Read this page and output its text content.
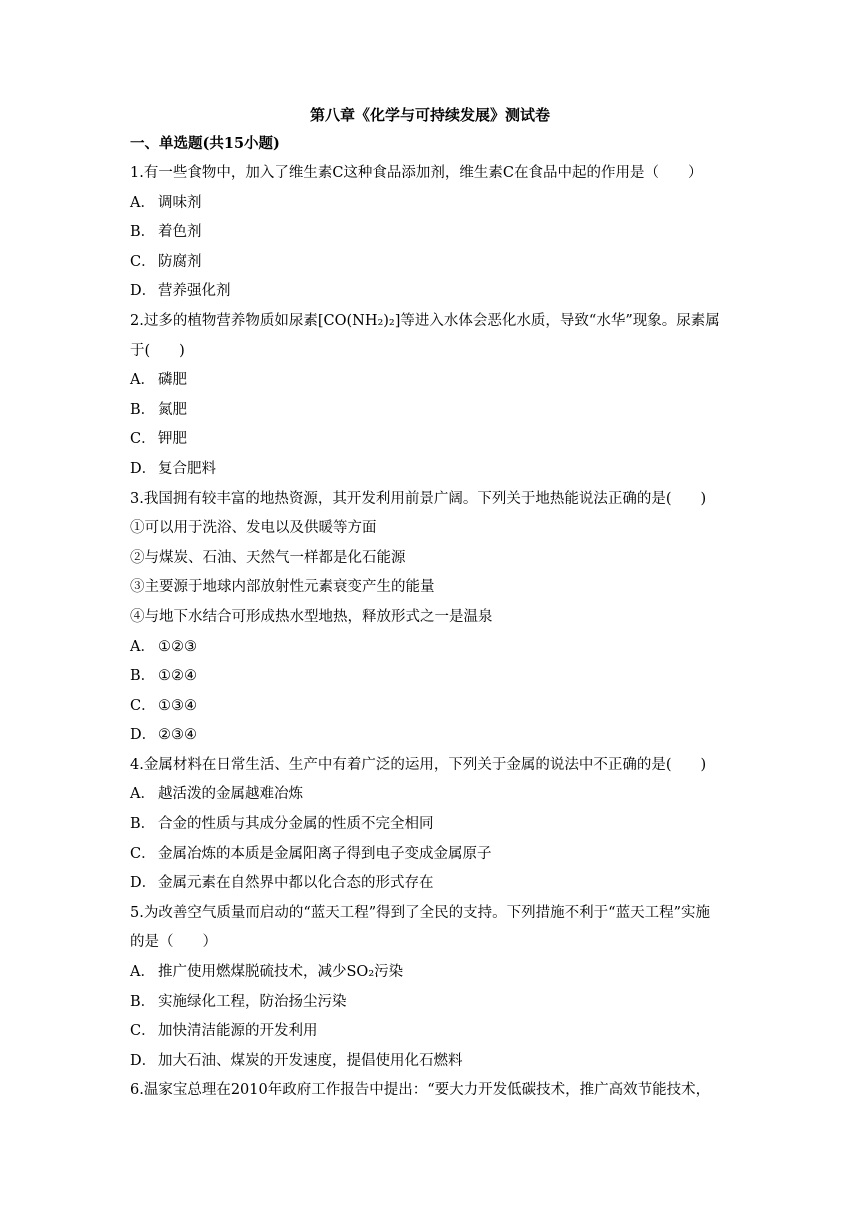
第八章《化学与可持续发展》测试卷
一、单选题(共15小题)
1.有一些食物中，加入了维生素C这种食品添加剂，维生素C在食品中起的作用是（　　）
A． 调味剂
B． 着色剂
C． 防腐剂
D． 营养强化剂
2.过多的植物营养物质如尿素[CO(NH₂)₂]等进入水体会恶化水质，导致“水华”现象。尿素属
于(　　)
A． 磷肥
B． 氮肥
C． 钾肥
D． 复合肥料
3.我国拥有较丰富的地热资源，其开发利用前景广阔。下列关于地热能说法正确的是(　　)
①可以用于洗浴、发电以及供暖等方面
②与煤炭、石油、天然气一样都是化石能源
③主要源于地球内部放射性元素衰变产生的能量
④与地下水结合可形成热水型地热，释放形式之一是温泉
A． ①②③
B． ①②④
C． ①③④
D． ②③④
4.金属材料在日常生活、生产中有着广泛的运用，下列关于金属的说法中不正确的是(　　)
A． 越活泼的金属越难冶炼
B． 合金的性质与其成分金属的性质不完全相同
C． 金属冶炼的本质是金属阳离子得到电子变成金属原子
D． 金属元素在自然界中都以化合态的形式存在
5.为改善空气质量而启动的“蓝天工程”得到了全民的支持。下列措施不利于“蓝天工程”实施
的是（　　）
A． 推广使用燃煤脱硫技术，减少SO₂污染
B． 实施绿化工程，防治扬尘污染
C． 加快清洁能源的开发利用
D． 加大石油、煤炭的开发速度，提倡使用化石燃料
6.温家宝总理在2010年政府工作报告中提出：“要大力开发低碳技术，推广高效节能技术，
